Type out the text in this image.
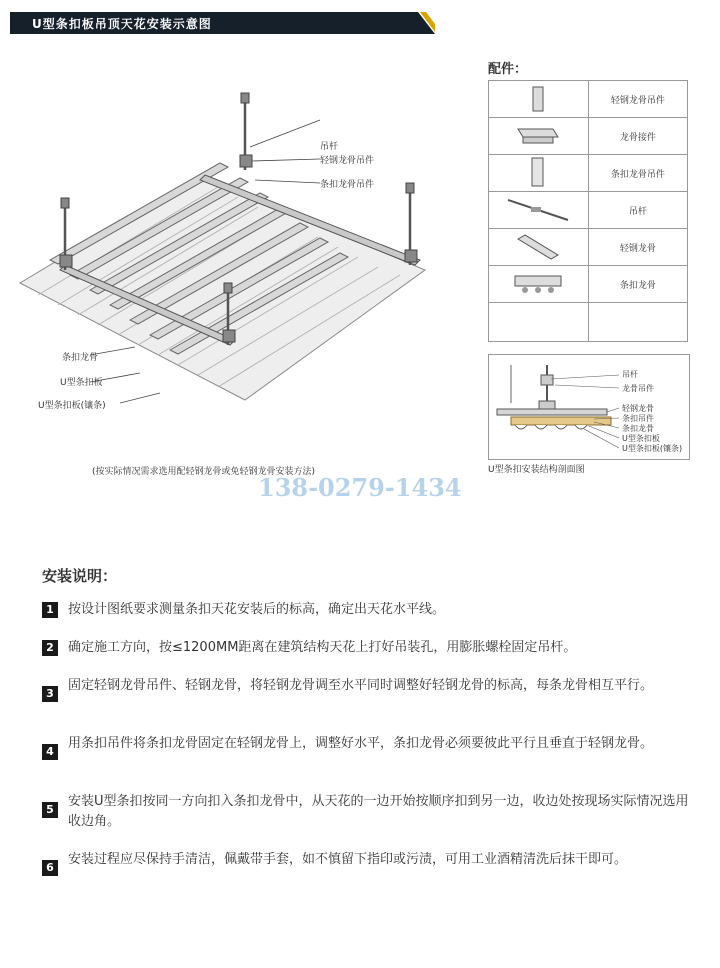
U型条扣板吊顶天花安装示意图
吊杆
轻钢龙骨吊件
条扣龙骨吊件
条扣龙骨
U型条扣板
U型条扣板(镶条)
(按实际情况需求选用配轻钢龙骨或免轻钢龙骨安装方法)
138-0279-1434
配件：
	轻钢龙骨吊件
	龙骨接件
	条扣龙骨吊件
	吊杆
	轻钢龙骨
	条扣龙骨

吊杆
龙骨吊件
轻钢龙骨
条扣吊件
条扣龙骨
U型条扣板
U型条扣板(镶条)
U型条扣安装结构剖面图
安装说明：
1	按设计图纸要求测量条扣天花安装后的标高，确定出天花水平线。
2	确定施工方向，按≤1200MM距离在建筑结构天花上打好吊装孔，用膨胀螺栓固定吊杆。
3
固定轻钢龙骨吊件、轻钢龙骨，将轻钢龙骨调至水平同时调整好轻钢龙骨的标高，每条龙骨相互平行。
4
用条扣吊件将条扣龙骨固定在轻钢龙骨上，调整好水平，条扣龙骨必须要彼此平行且垂直于轻钢龙骨。
5
安装U型条扣按同一方向扣入条扣龙骨中，从天花的一边开始按顺序扣到另一边，收边处按现场实际情况选用收边角。
6
安装过程应尽保持手清洁，佩戴带手套，如不慎留下指印或污渍，可用工业酒精清洗后抹干即可。
